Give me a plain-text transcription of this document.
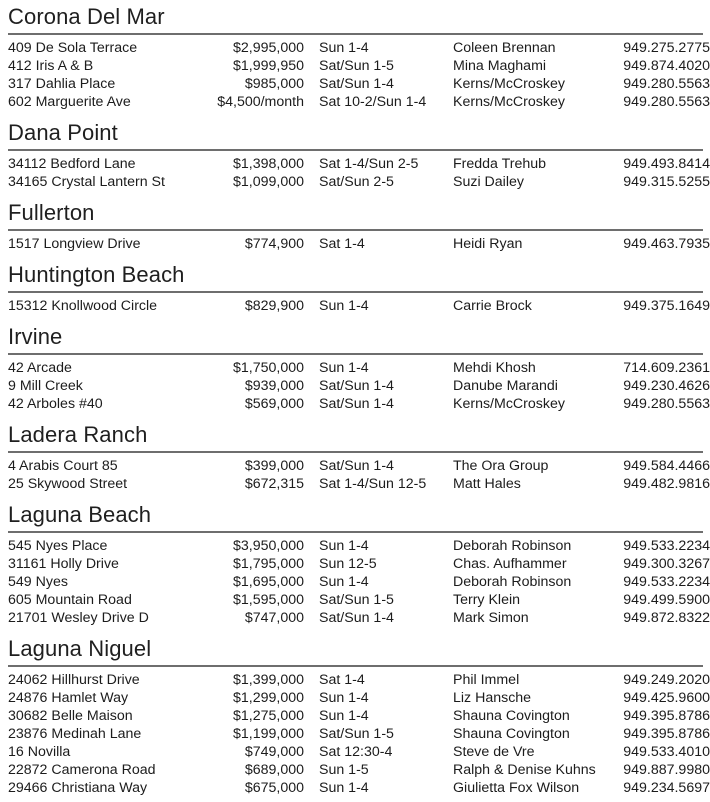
Corona Del Mar
409 De Sola Terrace	$2,995,000	Sun 1-4	Coleen Brennan	949.275.2775
412 Iris A & B	$1,999,950	Sat/Sun 1-5	Mina Maghami	949.874.4020
317 Dahlia Place	$985,000	Sat/Sun 1-4	Kerns/McCroskey	949.280.5563
602 Marguerite Ave	$4,500/month	Sat 10-2/Sun 1-4	Kerns/McCroskey	949.280.5563
Dana Point
34112 Bedford Lane	$1,398,000	Sat 1-4/Sun 2-5	Fredda Trehub	949.493.8414
34165 Crystal Lantern St	$1,099,000	Sat/Sun 2-5	Suzi Dailey	949.315.5255
Fullerton
1517 Longview Drive	$774,900	Sat 1-4	Heidi Ryan	949.463.7935
Huntington Beach
15312 Knollwood Circle	$829,900	Sun 1-4	Carrie Brock	949.375.1649
Irvine
42 Arcade	$1,750,000	Sun 1-4	Mehdi Khosh	714.609.2361
9 Mill Creek	$939,000	Sat/Sun 1-4	Danube Marandi	949.230.4626
42 Arboles #40	$569,000	Sat/Sun 1-4	Kerns/McCroskey	949.280.5563
Ladera Ranch
4 Arabis Court 85	$399,000	Sat/Sun 1-4	The Ora Group	949.584.4466
25 Skywood Street	$672,315	Sat 1-4/Sun 12-5	Matt Hales	949.482.9816
Laguna Beach
545 Nyes Place	$3,950,000	Sun 1-4	Deborah Robinson	949.533.2234
31161 Holly Drive	$1,795,000	Sun 12-5	Chas. Aufhammer	949.300.3267
549 Nyes	$1,695,000	Sun 1-4	Deborah Robinson	949.533.2234
605 Mountain Road	$1,595,000	Sat/Sun 1-5	Terry Klein	949.499.5900
21701 Wesley Drive D	$747,000	Sat/Sun 1-4	Mark Simon	949.872.8322
Laguna Niguel
24062 Hillhurst Drive	$1,399,000	Sat 1-4	Phil Immel	949.249.2020
24876 Hamlet Way	$1,299,000	Sun 1-4	Liz Hansche	949.425.9600
30682 Belle Maison	$1,275,000	Sun 1-4	Shauna Covington	949.395.8786
23876 Medinah Lane	$1,199,000	Sat/Sun 1-5	Shauna Covington	949.395.8786
16 Novilla	$749,000	Sat 12:30-4	Steve de Vre	949.533.4010
22872 Camerona Road	$689,000	Sun 1-5	Ralph & Denise Kuhns	949.887.9980
29466 Christiana Way	$675,000	Sun 1-4	Giulietta Fox Wilson	949.234.5697
